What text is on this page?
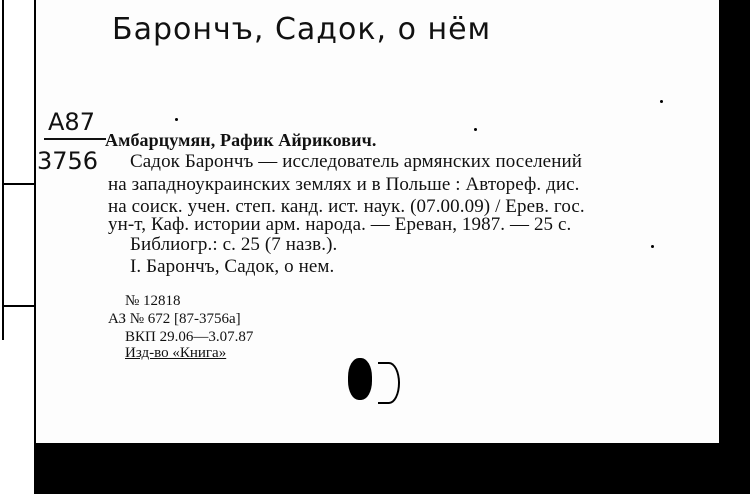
Барончъ, Садок, о нём
А87
3756
Амбарцумян, Рафик Айрикович.
Садок Барончъ — исследователь армянских поселений
на западноукраинских землях и в Польше : Автореф. дис.
на соиск. учен. степ. канд. ист. наук. (07.00.09) / Ерев. гос.
ун-т, Каф. истории арм. народа. — Ереван, 1987. — 25 с.
Библиогр.: с. 25 (7 назв.).
I. Барончъ, Садок, о нем.
№ 12818
АЗ № 672 [87-3756а]
ВКП 29.06—3.07.87
Изд-во «Книга»
